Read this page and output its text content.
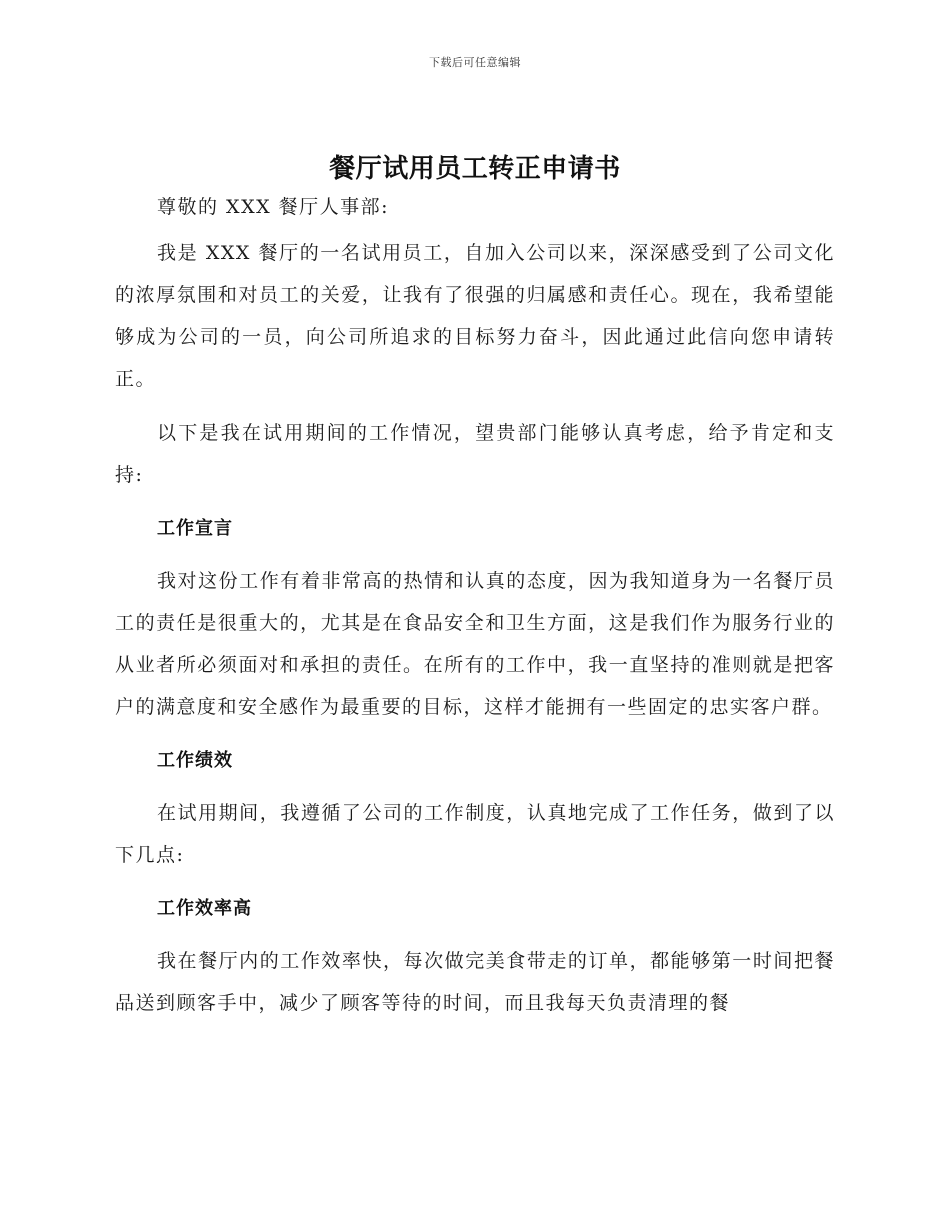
下载后可任意编辑
餐厅试用员工转正申请书

尊敬的 XXX 餐厅人事部:

我是 XXX 餐厅的一名试用员工，自加入公司以来，深深感受到了公司文化的浓厚氛围和对员工的关爱，让我有了很强的归属感和责任心。现在，我希望能够成为公司的一员，向公司所追求的目标努力奋斗，因此通过此信向您申请转正。

以下是我在试用期间的工作情况，望贵部门能够认真考虑，给予肯定和支持:

工作宣言

我对这份工作有着非常高的热情和认真的态度，因为我知道身为一名餐厅员工的责任是很重大的，尤其是在食品安全和卫生方面，这是我们作为服务行业的从业者所必须面对和承担的责任。在所有的工作中，我一直坚持的准则就是把客户的满意度和安全感作为最重要的目标，这样才能拥有一些固定的忠实客户群。

工作绩效

在试用期间，我遵循了公司的工作制度，认真地完成了工作任务，做到了以下几点:

工作效率高

我在餐厅内的工作效率快，每次做完美食带走的订单，都能够第一时间把餐品送到顾客手中，减少了顾客等待的时间，而且我每天负责清理的餐
